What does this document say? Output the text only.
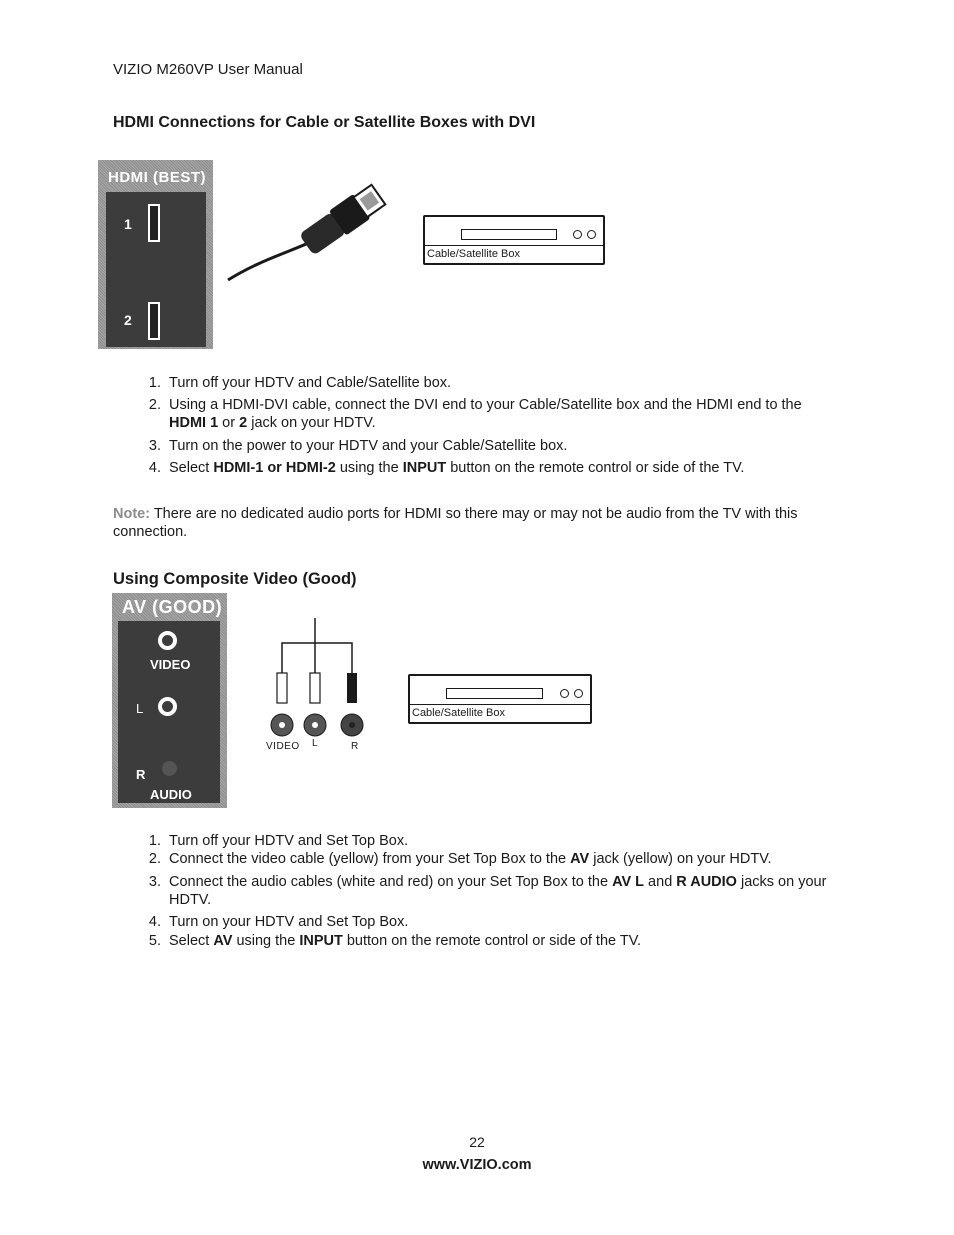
VIZIO M260VP User Manual
HDMI Connections for Cable or Satellite Boxes with DVI
HDMI (BEST)
1
2
Cable/Satellite Box
1. Turn off your HDTV and Cable/Satellite box.
2. Using a HDMI-DVI cable, connect the DVI end to your Cable/Satellite box and the HDMI end to the HDMI 1 or 2 jack on your HDTV.
3. Turn on the power to your HDTV and your Cable/Satellite box.
4. Select HDMI-1 or HDMI-2 using the INPUT button on the remote control or side of the TV.
Note: There are no dedicated audio ports for HDMI so there may or may not be audio from the TV with this connection.
Using Composite Video (Good)
AV (GOOD)
VIDEO
L
R
AUDIO
VIDEO L	R
Cable/Satellite Box
1. Turn off your HDTV and Set Top Box.
2. Connect the video cable (yellow) from your Set Top Box to the AV jack (yellow) on your HDTV.
3. Connect the audio cables (white and red) on your Set Top Box to the AV L and R AUDIO jacks on your HDTV.
4. Turn on your HDTV and Set Top Box.
5. Select AV using the INPUT button on the remote control or side of the TV.
22
www.VIZIO.com
